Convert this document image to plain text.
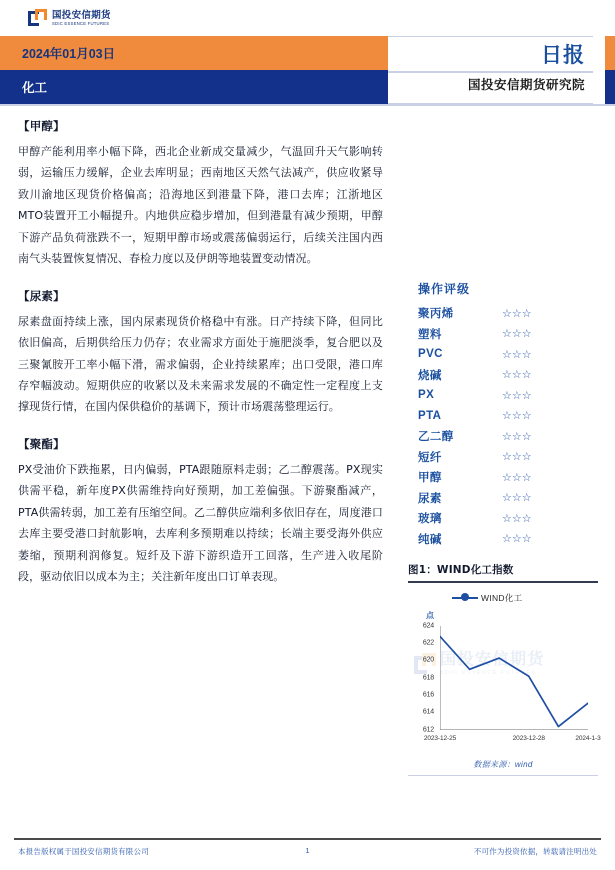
国投安信期货
SDIC ESSENCE FUTURES
2024年01月03日
化工
日报
国投安信期货研究院
【甲醇】
甲醇产能利用率小幅下降，西北企业新成交量减少，气温回升天气影响转弱，运输压力缓解，企业去库明显；西南地区天然气法减产，供应收紧导致川渝地区现货价格偏高；沿海地区到港量下降，港口去库；江浙地区MTO装置开工小幅提升。内地供应稳步增加，但到港量有减少预期，甲醇下游产品负荷涨跌不一，短期甲醇市场或震荡偏弱运行，后续关注国内西南气头装置恢复情况、春检力度以及伊朗等地装置变动情况。
【尿素】
尿素盘面持续上涨，国内尿素现货价格稳中有涨。日产持续下降，但同比依旧偏高，后期供给压力仍存；农业需求方面处于施肥淡季，复合肥以及三聚氰胺开工率小幅下滑，需求偏弱，企业持续累库；出口受限，港口库存窄幅波动。短期供应的收紧以及未来需求发展的不确定性一定程度上支撑现货行情，在国内保供稳价的基调下，预计市场震荡整理运行。
【聚酯】
PX受油价下跌拖累，日内偏弱，PTA跟随原料走弱；乙二醇震荡。PX现实供需平稳，新年度PX供需维持向好预期，加工差偏强。下游聚酯减产，PTA供需转弱，加工差有压缩空间。乙二醇供应端利多依旧存在，周度港口去库主要受港口封航影响，去库利多预期难以持续；长端主要受海外供应萎缩，预期利润修复。短纤及下游下游织造开工回落，生产进入收尾阶段，驱动依旧以成本为主；关注新年度出口订单表现。
操作评级
聚丙烯	☆☆☆
塑料	☆☆☆
PVC	☆☆☆
烧碱	☆☆☆
PX	☆☆☆
PTA	☆☆☆
乙二醇	☆☆☆
短纤	☆☆☆
甲醇	☆☆☆
尿素	☆☆☆
玻璃	☆☆☆
纯碱	☆☆☆
图1：WIND化工指数
WIND化工
点
国投安信期货
SDIC ESSENCE FUTURES
612
614
616
618
620
622
624
2023-12-25	2023-12-28	2024-1-3
数据来源：wind
本报告版权属于国投安信期货有限公司	1	不可作为投资依据，转载请注明出处
